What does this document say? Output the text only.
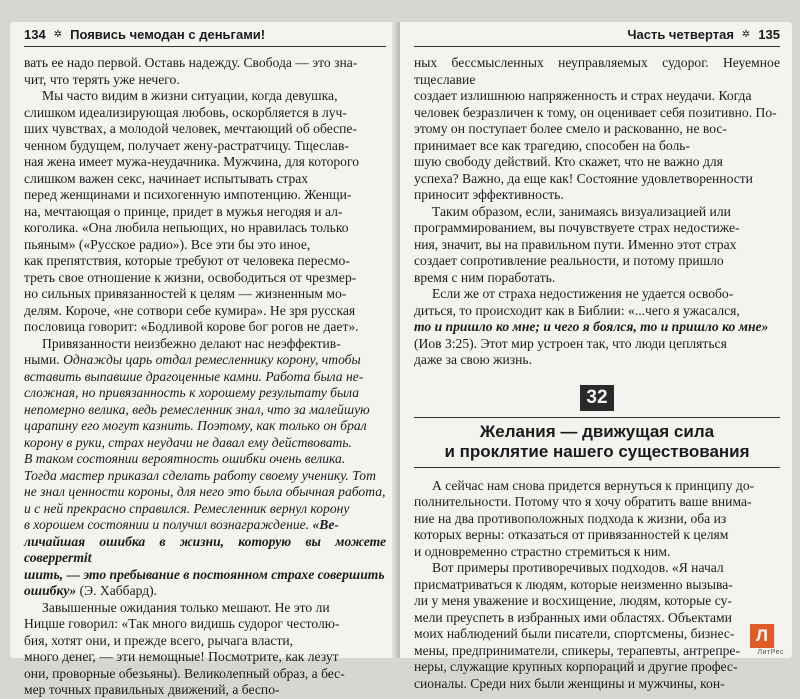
134 ✲ Появись чемодан с деньгами!

вать ее надо первой. Оставь надежду. Свобода — это зна-
чит, что терять уже нечего.

Мы часто видим в жизни ситуации, когда девушка,
слишком идеализирующая любовь, оскорбляется в луч-
ших чувствах, а молодой человек, мечтающий об обеспе-
ченном будущем, получает жену-растратчицу. Тщеслав-
ная жена имеет мужа-неудачника. Мужчина, для которого
слишком важен секс, начинает испытывать страх
перед женщинами и психогенную импотенцию. Женщи-
на, мечтающая о принце, придет в мужья негодяя и ал-
коголика. «Она любила непьющих, но нравилась только
пьяным» («Русское радио»). Все эти бы это иное,
как препятствия, которые требуют от человека пересмо-
треть свое отношение к жизни, освободиться от чрезмер-
но сильных привязанностей к целям — жизненным мо-
делям. Короче, «не сотвори себе кумира». Не зря русская
пословица говорит: «Бодливой корове бог рогов не дает».

Привязанности неизбежно делают нас неэффектив-
ными. Однажды царь отдал ремесленнику корону, чтобы
вставить выпавшие драгоценные камни. Работа была не-
сложная, но привязанность к хорошему результату была
непомерно велика, ведь ремесленник знал, что за малейшую
царапину его могут казнить. Поэтому, как только он брал
корону в руки, страх неудачи не давал ему действовать.
В таком состоянии вероятность ошибки очень велика.
Тогда мастер приказал сделать работу своему ученику. Тот
не знал ценности короны, для него это была обычная работа,
и с ней прекрасно справился. Ремесленник вернул корону
в хорошем состоянии и получил вознаграждение. «Ве-
личайшая ошибка в жизни, которую вы можете соверpermit
шить, — это пребывание в постоянном страхе совершить
ошибку» (Э. Хаббард).

Завышенные ожидания только мешают. Не это ли
Ницше говорил: «Так много видишь судорог честолю-
бия, хотят они, и прежде всего, рычага власти,
много денег, — эти немощные! Посмотрите, как лезут
они, проворные обезьяны). Великолепный образ, а бес-
мер точных правильных движений, а беспо-

Часть четвертая ✲ 135

ных бессмысленных неуправляемых судорог. Неуемное тщеславие
создает излишнюю напряженность и страх неудачи. Когда
человек безразличен к тому, он оценивает себя позитивно. По-
этому он поступает более смело и раскованно, не вос-
принимает все как трагедию, способен на боль-
шую свободу действий. Кто скажет, что не важно для
успеха? Важно, да еще как! Состояние удовлетворенности
приносит эффективность.

Таким образом, если, занимаясь визуализацией или
программированием, вы почувствуете страх недостиже-
ния, значит, вы на правильном пути. Именно этот страх
создает сопротивление реальности, и потому пришло
время с ним поработать.

Если же от страха недостижения не удается освобо-
диться, то происходит как в Библии: «...чего я ужасался,
то и пришло ко мне; и чего я боялся, то и пришло ко мне»
(Иов 3:25). Этот мир устроен так, что люди цепляться
даже за свою жизнь.

32
Желания — движущая сила
и проклятие нашего существования

А сейчас нам снова придется вернуться к принципу до-
полнительности. Потому что я хочу обратить ваше внима-
ние на два противоположных подхода к жизни, оба из
которых верны: отказаться от привязанностей к целям
и одновременно страстно стремиться к ним.

Вот примеры противоречивых подходов. «Я начал
присматриваться к людям, которые неизменно вызыва-
ли у меня уважение и восхищение, людям, которые су-
мели преуспеть в избранных ими областях. Объектами
моих наблюдений были писатели, спортсмены, бизнес-
мены, предприниматели, спикеры, терапевты, антрепре-
неры, служащие крупных корпораций и другие профес-
сионалы. Среди них были женщины и мужчины, кон-

Л
ЛитРес
